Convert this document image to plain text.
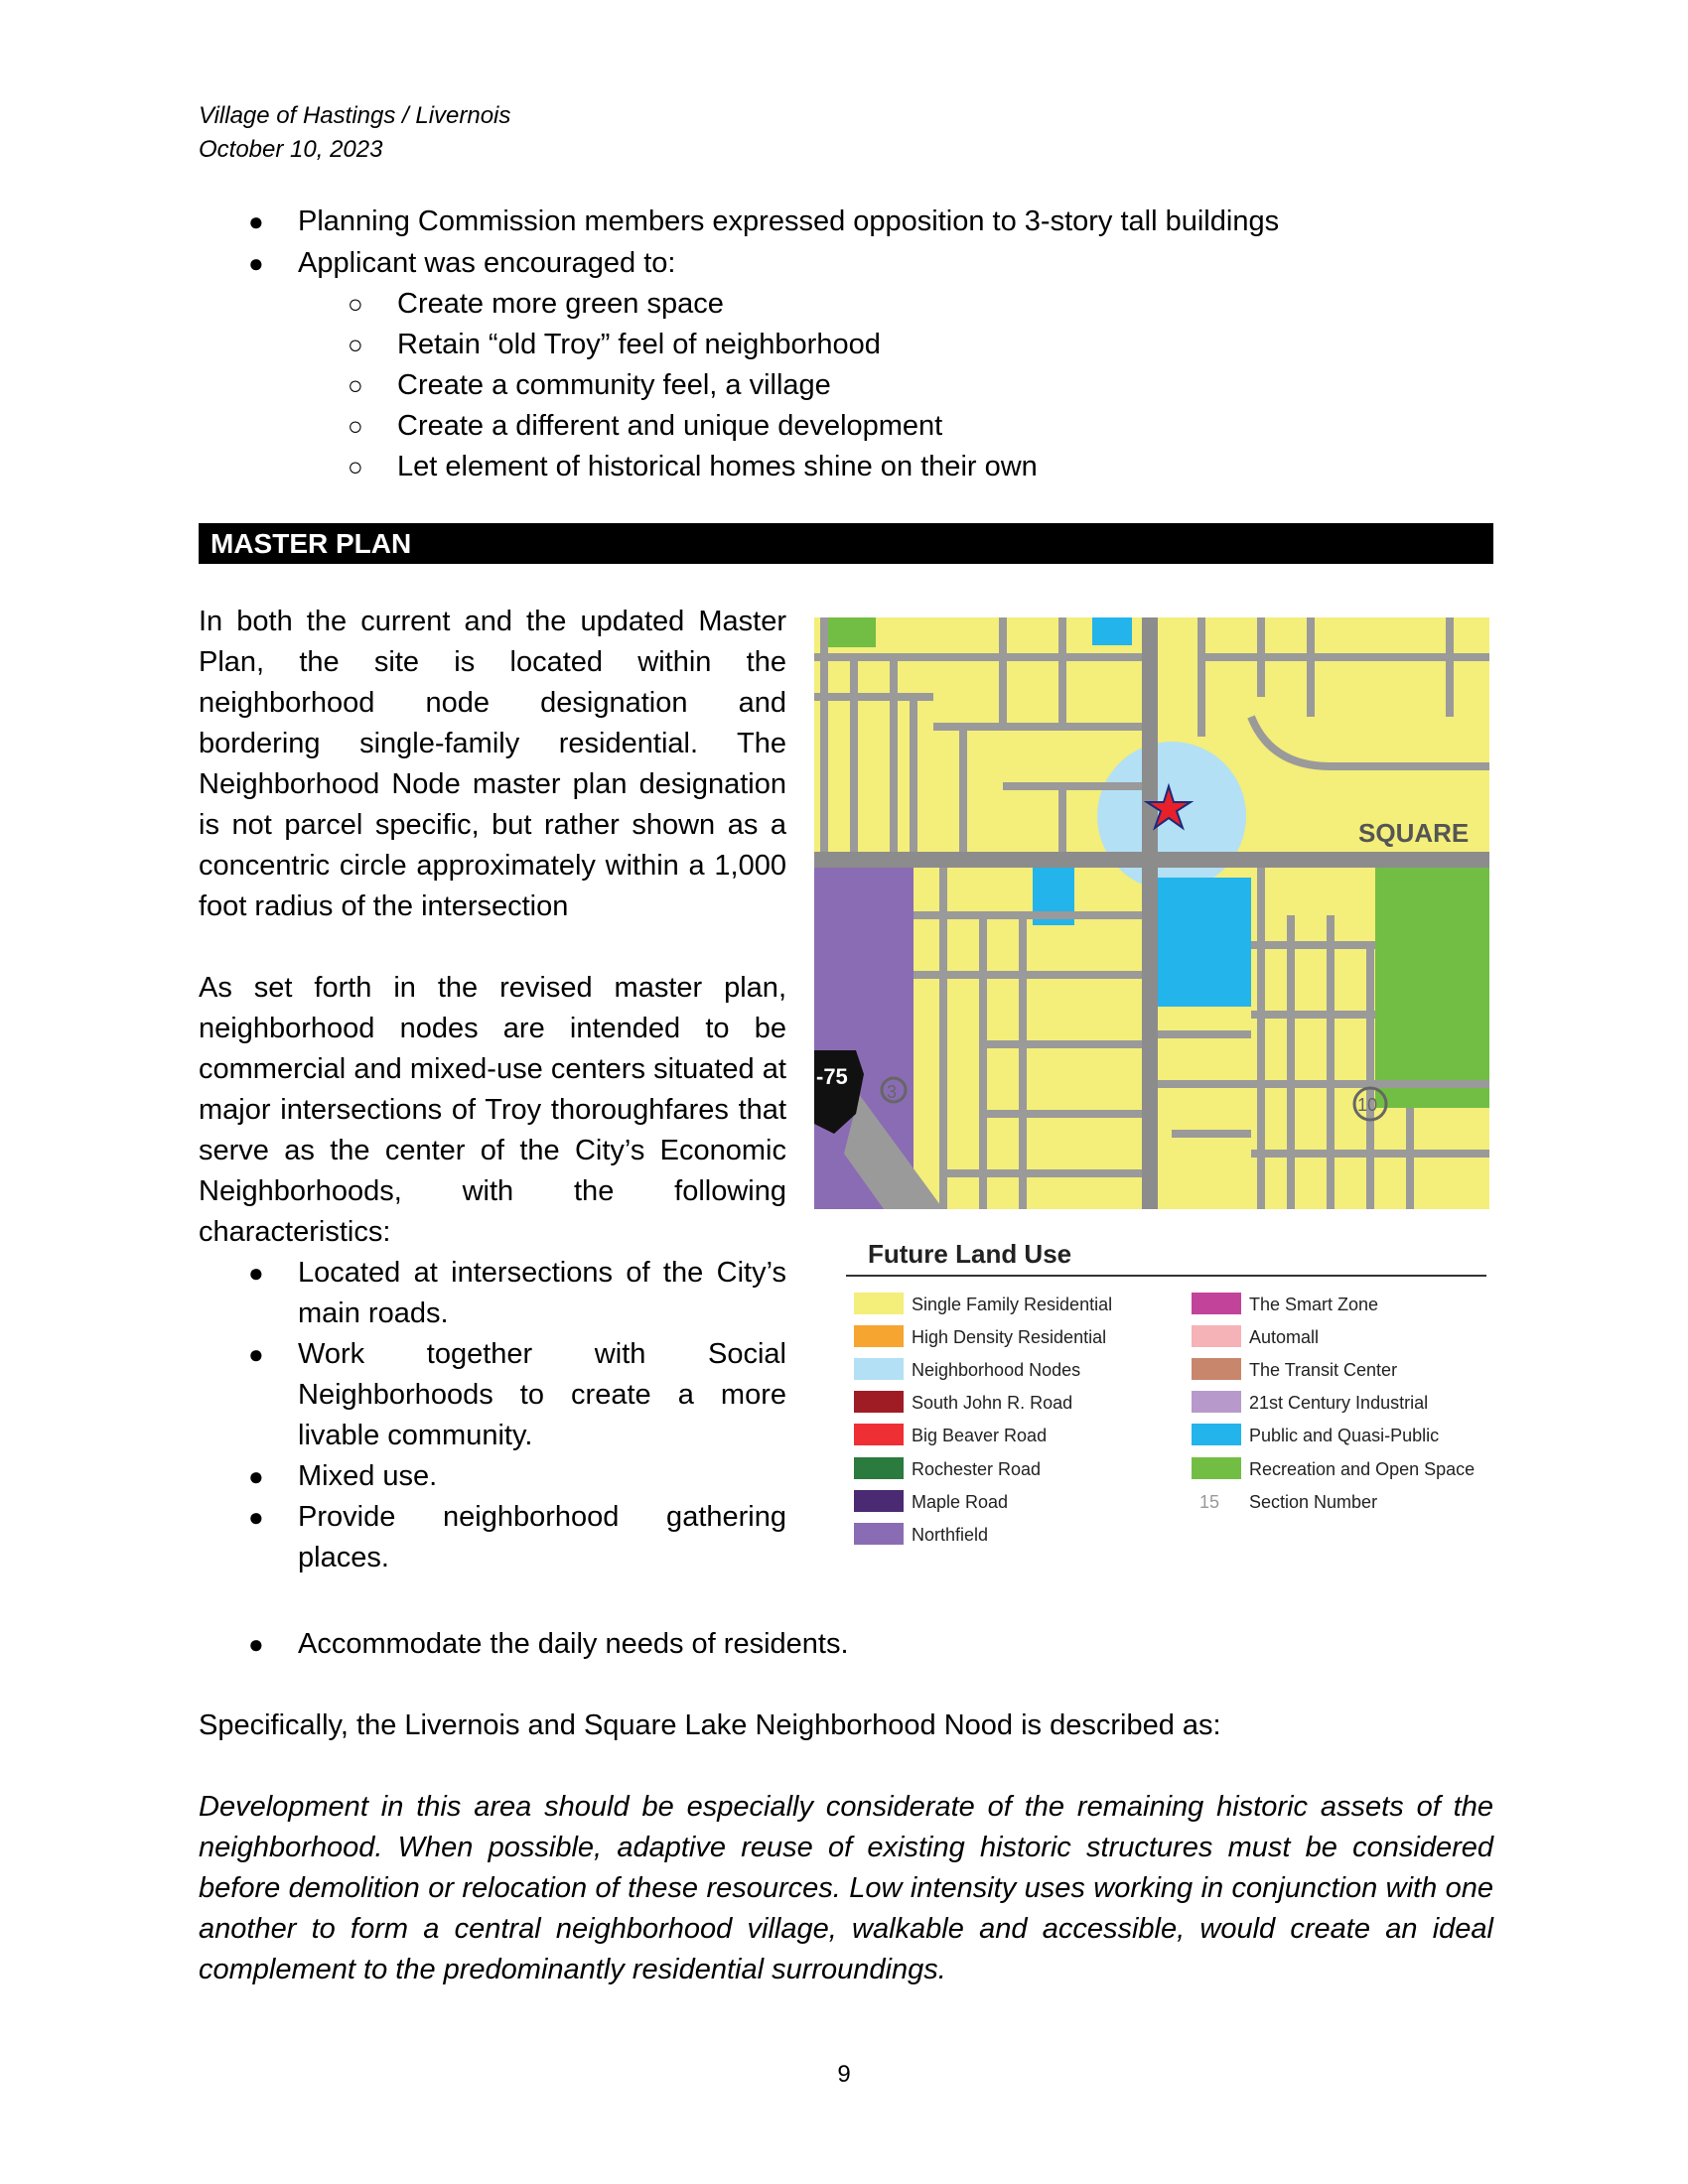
Village of Hastings / Livernois
October 10, 2023
● Planning Commission members expressed opposition to 3-story tall buildings
● Applicant was encouraged to:
○ Create more green space
○ Retain “old Troy” feel of neighborhood
○ Create a community feel, a village
○ Create a different and unique development
○ Let element of historical homes shine on their own
MASTER PLAN

In both the current and the updated Master Plan, the site is located within the neighborhood node designation and bordering single-family residential. The Neighborhood Node master plan designation is not parcel specific, but rather shown as a concentric circle approximately within a 1,000 foot radius of the intersection

As set forth in the revised master plan, neighborhood nodes are intended to be commercial and mixed-use centers situated at major intersections of Troy thoroughfares that serve as the center of the City’s Economic Neighborhoods, with the following characteristics:

● Located at intersections of the City’s main roads.
● Work together with Social Neighborhoods to create a more livable community.
● Mixed use.
● Provide neighborhood gathering places.
● Accommodate the daily needs of residents.
Specifically, the Livernois and Square Lake Neighborhood Nood is described as:
Development in this area should be especially considerate of the remaining historic assets of the neighborhood. When possible, adaptive reuse of existing historic structures must be considered before demolition or relocation of these resources. Low intensity uses working in conjunction with one another to form a central neighborhood village, walkable and accessible, would create an ideal complement to the predominantly residential surroundings.
-75
SQUARE
3
10
Future Land Use
Single Family Residential
High Density Residential
Neighborhood Nodes
South John R. Road
Big Beaver Road
Rochester Road
Maple Road
Northfield
The Smart Zone
Automall
The Transit Center
21st Century Industrial
Public and Quasi-Public
Recreation and Open Space
15 Section Number
9
